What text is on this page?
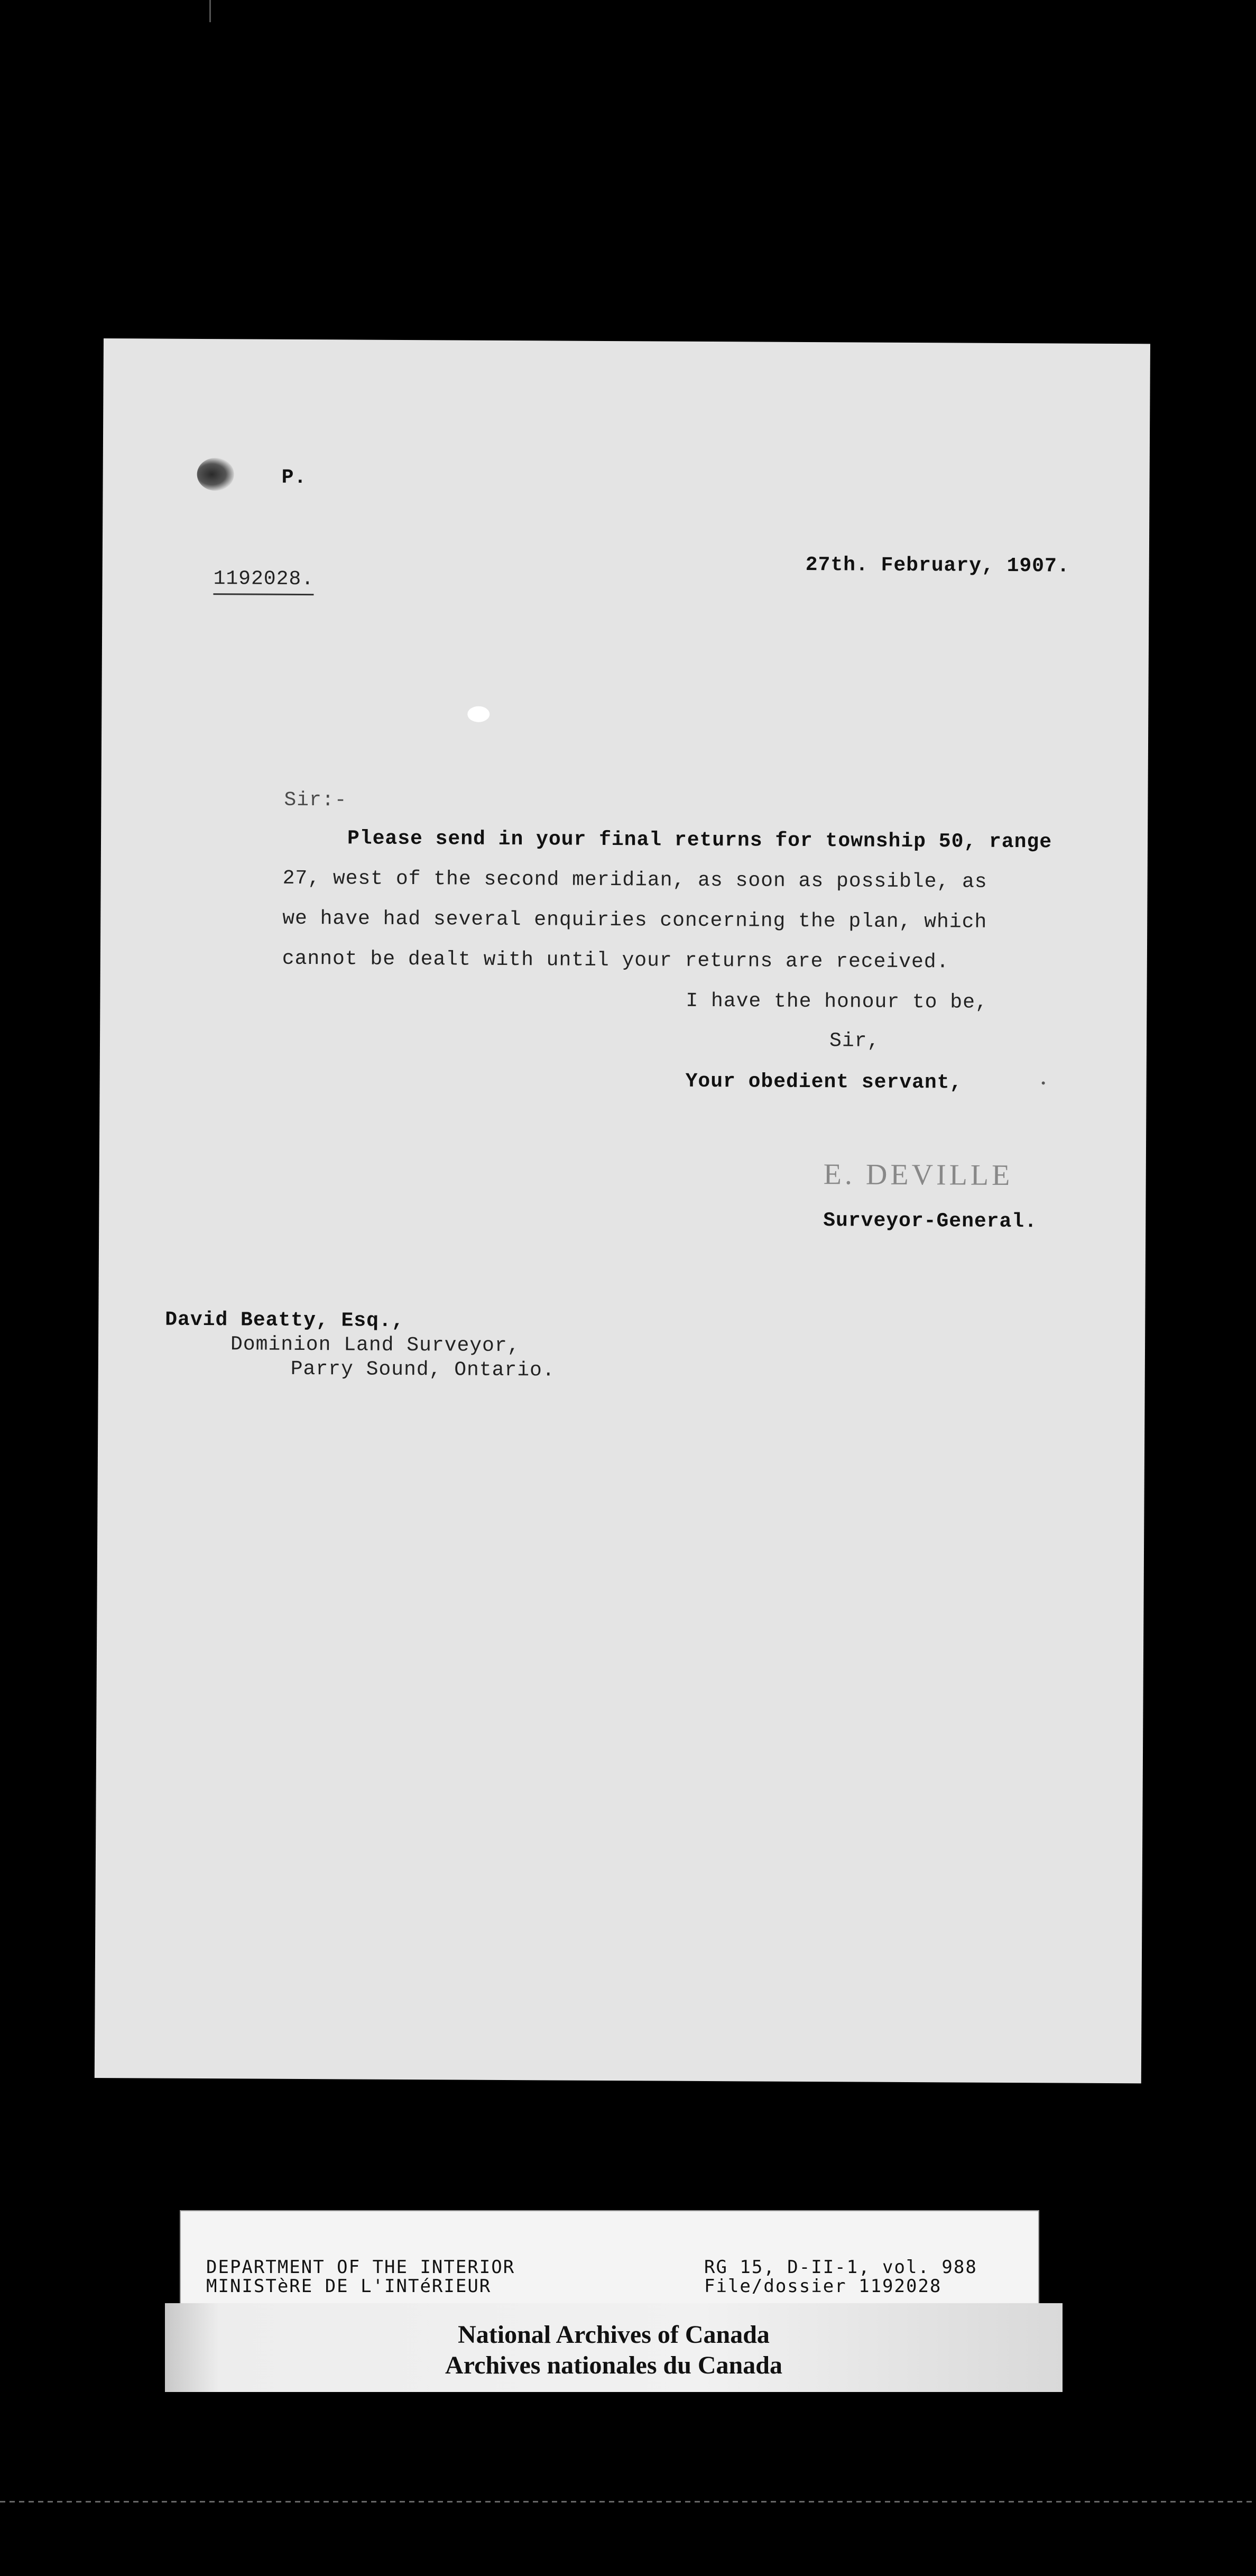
P.
1192028.
27th. February, 1907.
Sir:-
Please send in your final returns for township 50, range
27, west of the second meridian, as soon as possible, as
we have had several enquiries concerning the plan, which
cannot be dealt with until your returns are received.
I have the honour to be,
Sir,
Your obedient servant,
E. DEVILLE
Surveyor-General.
David Beatty, Esq.,
Dominion Land Surveyor,
Parry Sound, Ontario.
DEPARTMENT OF THE INTERIOR
MINISTèRE DE L'INTéRIEUR
RG 15, D-II-1, vol. 988
File/dossier 1192028
National Archives of Canada
Archives nationales du Canada
